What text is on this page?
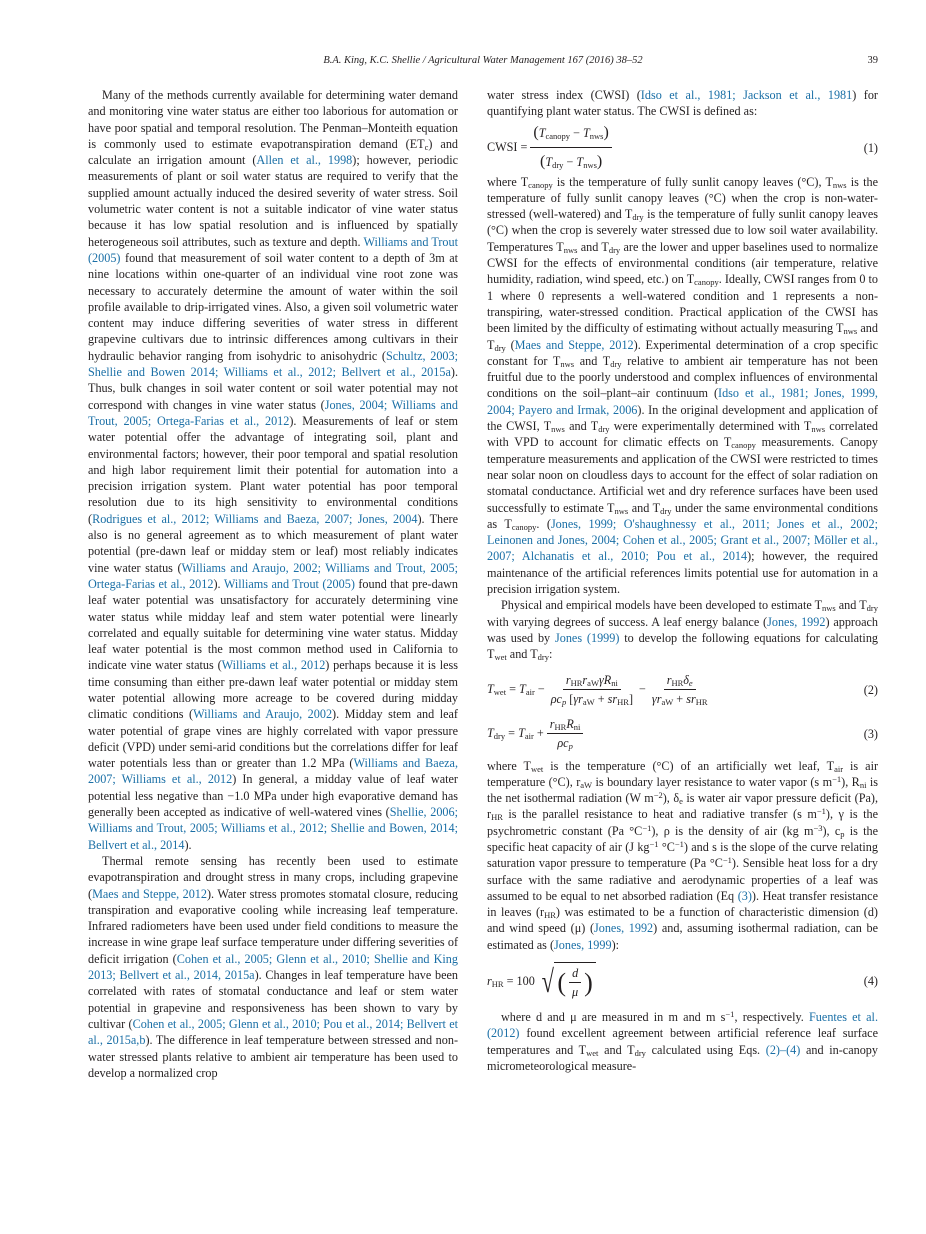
B.A. King, K.C. Shellie / Agricultural Water Management 167 (2016) 38–52	39

Many of the methods currently available for determining water demand and monitoring vine water status are either too laborious for automation or have poor spatial and temporal resolution. The Penman–Monteith equation is commonly used to estimate evapotranspiration demand $(ET_c)$ and calculate an irrigation amount (Allen et al., 1998); however, periodic measurements of plant or soil water status are required to verify that the supplied amount actually induced the desired severity of water stress. Soil volumetric water content is not a suitable indicator of vine water status because it has low spatial resolution and is influenced by spatially heterogeneous soil attributes, such as texture and depth. Williams and Trout (2005) found that measurement of soil water content to a depth of 3m at nine locations within one-quarter of an individual vine root zone was necessary to accurately determine the amount of water within the soil profile available to drip-irrigated vines. Also, a given soil volumetric water content may induce differing severities of water stress in different grapevine cultivars due to intrinsic differences among cultivars in their hydraulic behavior ranging from isohydric to anisohydric (Schultz, 2003; Shellie and Bowen 2014; Williams et al., 2012; Bellvert et al., 2015a). Thus, bulk changes in soil water content or soil water potential may not correspond with changes in vine water status (Jones, 2004; Williams and Trout, 2005; Ortega-Farias et al., 2012). Measurements of leaf or stem water potential offer the advantage of integrating soil, plant and environmental factors; however, their poor temporal and spatial resolution and high labor requirement limit their potential for automation into a precision irrigation system. Plant water potential has poor temporal resolution due to its high sensitivity to environmental conditions (Rodrigues et al., 2012; Williams and Baeza, 2007; Jones, 2004). There also is no general agreement as to which measurement of plant water potential (pre-dawn leaf or midday stem or leaf) most reliably indicates vine water status (Williams and Araujo, 2002; Williams and Trout, 2005; Ortega-Farias et al., 2012). Williams and Trout (2005) found that pre-dawn leaf water potential was unsatisfactory for accurately determining vine water status while midday leaf and stem water potential were linearly correlated and equally suitable for determining vine water status. Midday leaf water potential is the most common method used in California to indicate vine water status (Williams et al., 2012) perhaps because it is less time consuming than either pre-dawn leaf water potential or midday stem water potential allowing more acreage to be covered during midday climatic conditions (Williams and Araujo, 2002). Midday stem and leaf water potential of grape vines are highly correlated with vapor pressure deficit (VPD) under semi-arid conditions but the correlations differ for leaf water potentials less than or greater than 1.2 MPa (Williams and Baeza, 2007; Williams et al., 2012) In general, a midday value of leaf water potential less negative than −1.0 MPa under high evaporative demand has generally been accepted as indicative of well-watered vines (Shellie, 2006; Williams and Trout, 2005; Williams et al., 2012; Shellie and Bowen, 2014; Bellvert et al., 2014).

Thermal remote sensing has recently been used to estimate evapotranspiration and drought stress in many crops, including grapevine (Maes and Steppe, 2012). Water stress promotes stomatal closure, reducing transpiration and evaporative cooling while increasing leaf temperature. Infrared radiometers have been used under field conditions to measure the increase in wine grape leaf surface temperature under differing severities of deficit irrigation (Cohen et al., 2005; Glenn et al., 2010; Shellie and King 2013; Bellvert et al., 2014, 2015a). Changes in leaf temperature have been correlated with rates of stomatal conductance and leaf or stem water potential in grapevine and responsiveness has been shown to vary by cultivar (Cohen et al., 2005; Glenn et al., 2010; Pou et al., 2014; Bellvert et al., 2015a,b). The difference in leaf temperature between stressed and non-water stressed plants relative to ambient air temperature has been used to develop a normalized crop

water stress index (CWSI) (Idso et al., 1981; Jackson et al., 1981) for quantifying plant water status. The CWSI is defined as:

CWSI = $\frac{(T_{canopy} - T_{nws})}{(T_{dry} - T_{nws})}$	(1)

where $T_{canopy}$ is the temperature of fully sunlit canopy leaves (°C), $T_{nws}$ is the temperature of fully sunlit canopy leaves (°C) when the crop is non-water-stressed (well-watered) and $T_{dry}$ is the temperature of fully sunlit canopy leaves (°C) when the crop is severely water stressed due to low soil water availability. Temperatures $T_{nws}$ and $T_{dry}$ are the lower and upper baselines used to normalize CWSI for the effects of environmental conditions (air temperature, relative humidity, radiation, wind speed, etc.) on $T_{canopy}$. Ideally, CWSI ranges from 0 to 1 where 0 represents a well-watered condition and 1 represents a non-transpiring, water-stressed condition. Practical application of the CWSI has been limited by the difficulty of estimating without actually measuring $T_{nws}$ and $T_{dry}$ (Maes and Steppe, 2012). Experimental determination of a crop specific constant for $T_{nws}$ and $T_{dry}$ relative to ambient air temperature has not been fruitful due to the poorly understood and complex influences of environmental conditions on the soil–plant–air continuum (Idso et al., 1981; Jones, 1999, 2004; Payero and Irmak, 2006). In the original development and application of the CWSI, $T_{nws}$ and $T_{dry}$ were experimentally determined with $T_{nws}$ correlated with VPD to account for climatic effects on $T_{canopy}$ measurements. Canopy temperature measurements and application of the CWSI were restricted to times near solar noon on cloudless days to account for the effect of solar radiation on stomatal conductance. Artificial wet and dry reference surfaces have been used successfully to estimate $T_{nws}$ and $T_{dry}$ under the same environmental conditions as $T_{canopy}$. (Jones, 1999; O'shaughnessy et al., 2011; Jones et al., 2002; Leinonen and Jones, 2004; Cohen et al., 2005; Grant et al., 2007; Möller et al., 2007; Alchanatis et al., 2010; Pou et al., 2014); however, the required maintenance of the artificial references limits potential use for automation in a precision irrigation system.

Physical and empirical models have been developed to estimate $T_{nws}$ and $T_{dry}$ with varying degrees of success. A leaf energy balance (Jones, 1992) approach was used by Jones (1999) to develop the following equations for calculating $T_{wet}$ and $T_{dry}$:

$T_{wet} = T_{air} - \frac{r_{HR}r_{aW}\gamma R_{ni}}{\rho c_p [\gamma r_{aW} + sr_{HR}]} - \frac{r_{HR}\delta_e}{\gamma r_{aW} + sr_{HR}}$	(2)
$T_{dry} = T_{air} + \frac{r_{HR}R_{ni}}{\rho c_p}$	(3)

where $T_{wet}$ is the temperature (°C) of an artificially wet leaf, $T_{air}$ is air temperature (°C), $r_{aW}$ is boundary layer resistance to water vapor (s $m^{-1}$), $R_{ni}$ is the net isothermal radiation (W $m^{-2}$), $\delta_e$ is water air vapor pressure deficit (Pa), $r_{HR}$ is the parallel resistance to heat and radiative transfer (s $m^{-1}$), γ is the psychrometric constant (Pa $^\circ C^{-1}$), ρ is the density of air (kg $m^{-3}$), $c_p$ is the specific heat capacity of air (J $kg^{-1}$ $^\circ C^{-1}$) and s is the slope of the curve relating saturation vapor pressure to temperature (Pa $^\circ C^{-1}$). Sensible heat loss for a dry surface with the same radiative and aerodynamic properties of a leaf was assumed to be equal to net absorbed radiation (Eq (3)). Heat transfer resistance in leaves $(r_{HR})$ was estimated to be a function of characteristic dimension (d) and wind speed (μ) (Jones, 1992) and, assuming isothermal radiation, can be estimated as (Jones, 1999):

$r_{HR} = 100$ √ ( $\frac{d}{\mu}$ )	(4)

where d and μ are measured in m and m $s^{-1}$, respectively. Fuentes et al. (2012) found excellent agreement between artificial reference leaf surface temperatures and $T_{wet}$ and $T_{dry}$ calculated using Eqs. (2)–(4) and in-canopy micrometeorological measure-
